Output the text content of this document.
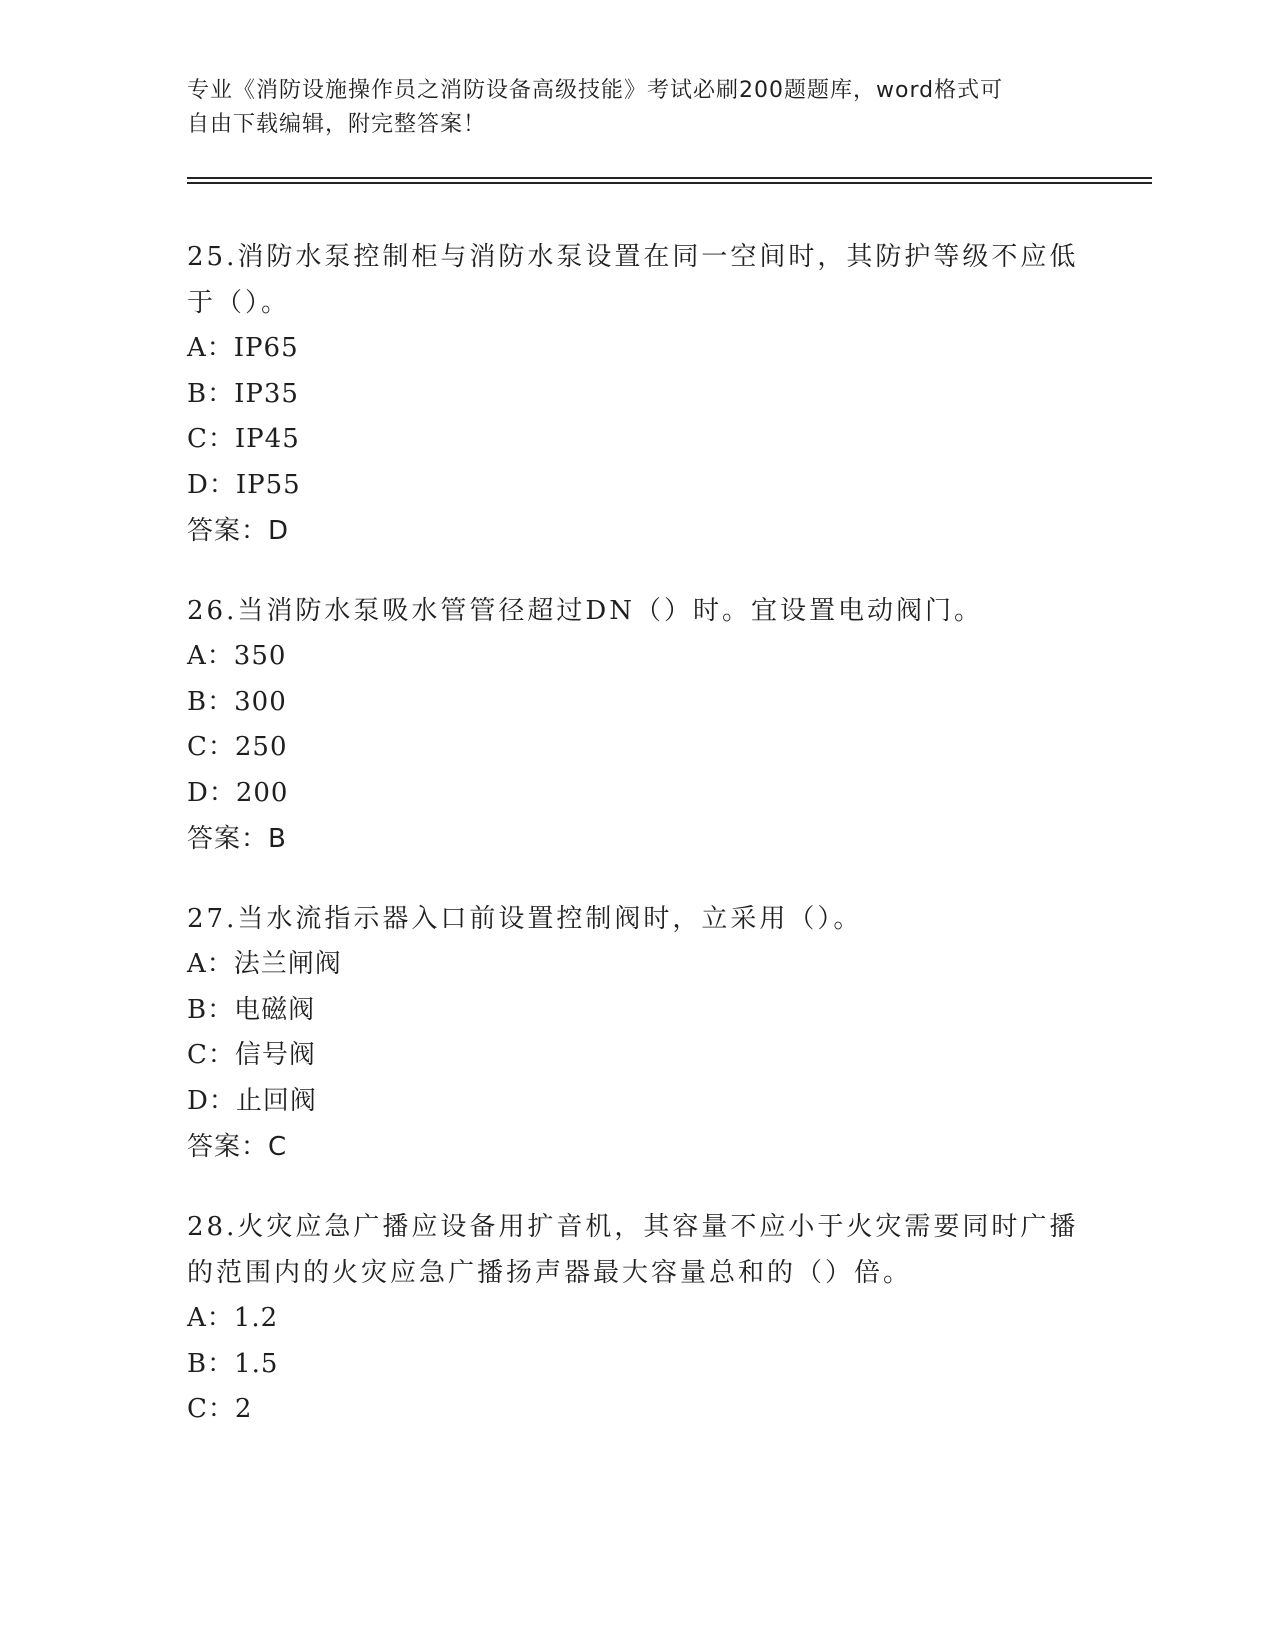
专业《消防设施操作员之消防设备高级技能》考试必刷200题题库，word格式可
自由下载编辑，附完整答案！
25.消防水泵控制柜与消防水泵设置在同一空间时，其防护等级不应低
于（）。
A：IP65
B：IP35
C：IP45
D：IP55
答案：D
26.当消防水泵吸水管管径超过DN（）时。宜设置电动阀门。
A：350
B：300
C：250
D：200
答案：B
27.当水流指示器入口前设置控制阀时，立采用（）。
A：法兰闸阀
B：电磁阀
C：信号阀
D：止回阀
答案：C
28.火灾应急广播应设备用扩音机，其容量不应小于火灾需要同时广播
的范围内的火灾应急广播扬声器最大容量总和的（）倍。
A：1.2
B：1.5
C：2
